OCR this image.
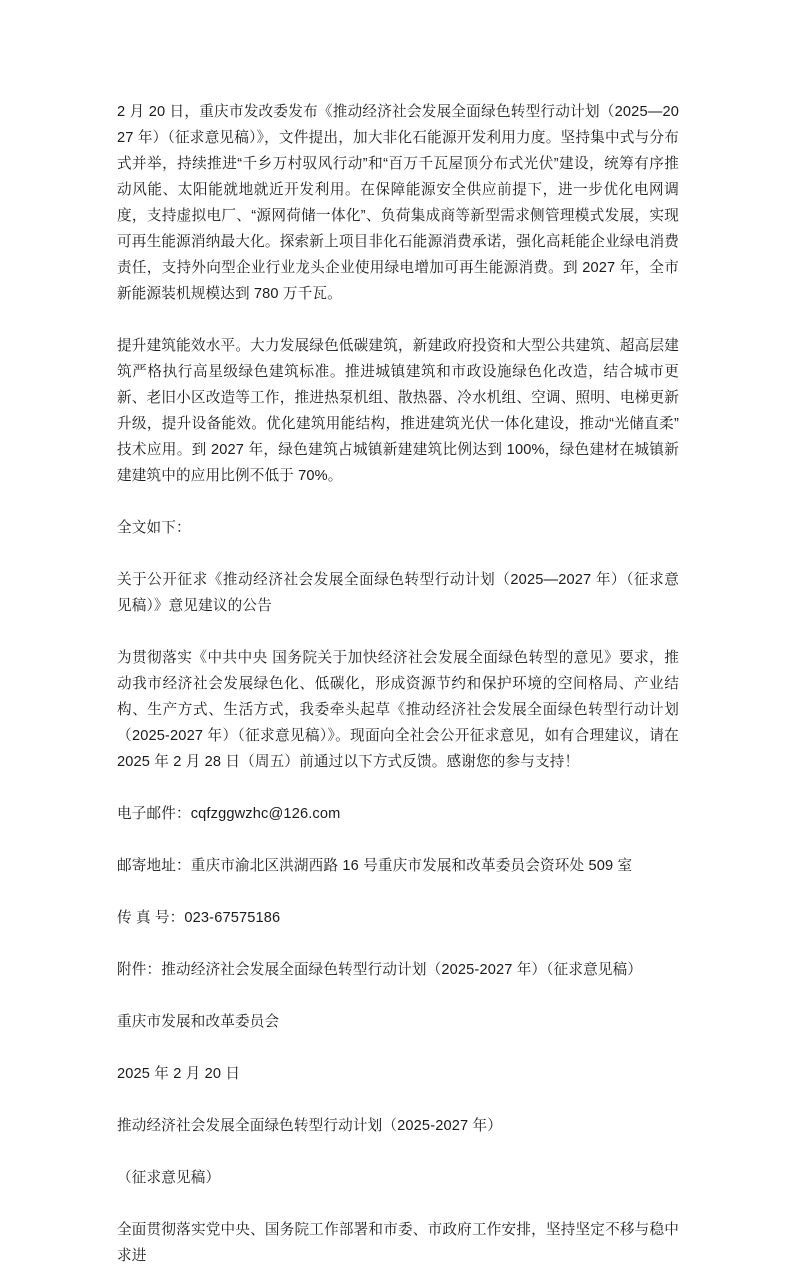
2 月 20 日，重庆市发改委发布《推动经济社会发展全面绿色转型行动计划（2025—2027 年）（征求意见稿）》，文件提出，加大非化石能源开发利用力度。坚持集中式与分布式并举，持续推进“千乡万村驭风行动”和“百万千瓦屋顶分布式光伏”建设，统筹有序推动风能、太阳能就地就近开发利用。在保障能源安全供应前提下，进一步优化电网调度，支持虚拟电厂、“源网荷储一体化”、负荷集成商等新型需求侧管理模式发展，实现可再生能源消纳最大化。探索新上项目非化石能源消费承诺，强化高耗能企业绿电消费责任，支持外向型企业行业龙头企业使用绿电增加可再生能源消费。到 2027 年，全市新能源装机规模达到 780 万千瓦。

提升建筑能效水平。大力发展绿色低碳建筑，新建政府投资和大型公共建筑、超高层建筑严格执行高星级绿色建筑标准。推进城镇建筑和市政设施绿色化改造，结合城市更新、老旧小区改造等工作，推进热泵机组、散热器、冷水机组、空调、照明、电梯更新升级，提升设备能效。优化建筑用能结构，推进建筑光伏一体化建设，推动“光储直柔”技术应用。到 2027 年，绿色建筑占城镇新建建筑比例达到 100%，绿色建材在城镇新建建筑中的应用比例不低于 70%。

全文如下：

关于公开征求《推动经济社会发展全面绿色转型行动计划（2025—2027 年）（征求意见稿）》意见建议的公告

为贯彻落实《中共中央 国务院关于加快经济社会发展全面绿色转型的意见》要求，推动我市经济社会发展绿色化、低碳化，形成资源节约和保护环境的空间格局、产业结构、生产方式、生活方式，我委牵头起草《推动经济社会发展全面绿色转型行动计划（2025-2027 年）（征求意见稿）》。现面向全社会公开征求意见，如有合理建议，请在 2025 年 2 月 28 日（周五）前通过以下方式反馈。感谢您的参与支持！

电子邮件：cqfzggwzhc@126.com

邮寄地址：重庆市渝北区洪湖西路 16 号重庆市发展和改革委员会资环处 509 室

传 真 号：023-67575186

附件：推动经济社会发展全面绿色转型行动计划（2025-2027 年）（征求意见稿）

重庆市发展和改革委员会

2025 年 2 月 20 日

推动经济社会发展全面绿色转型行动计划（2025-2027 年）

（征求意见稿）

全面贯彻落实党中央、国务院工作部署和市委、市政府工作安排，坚持坚定不移与稳中求进
